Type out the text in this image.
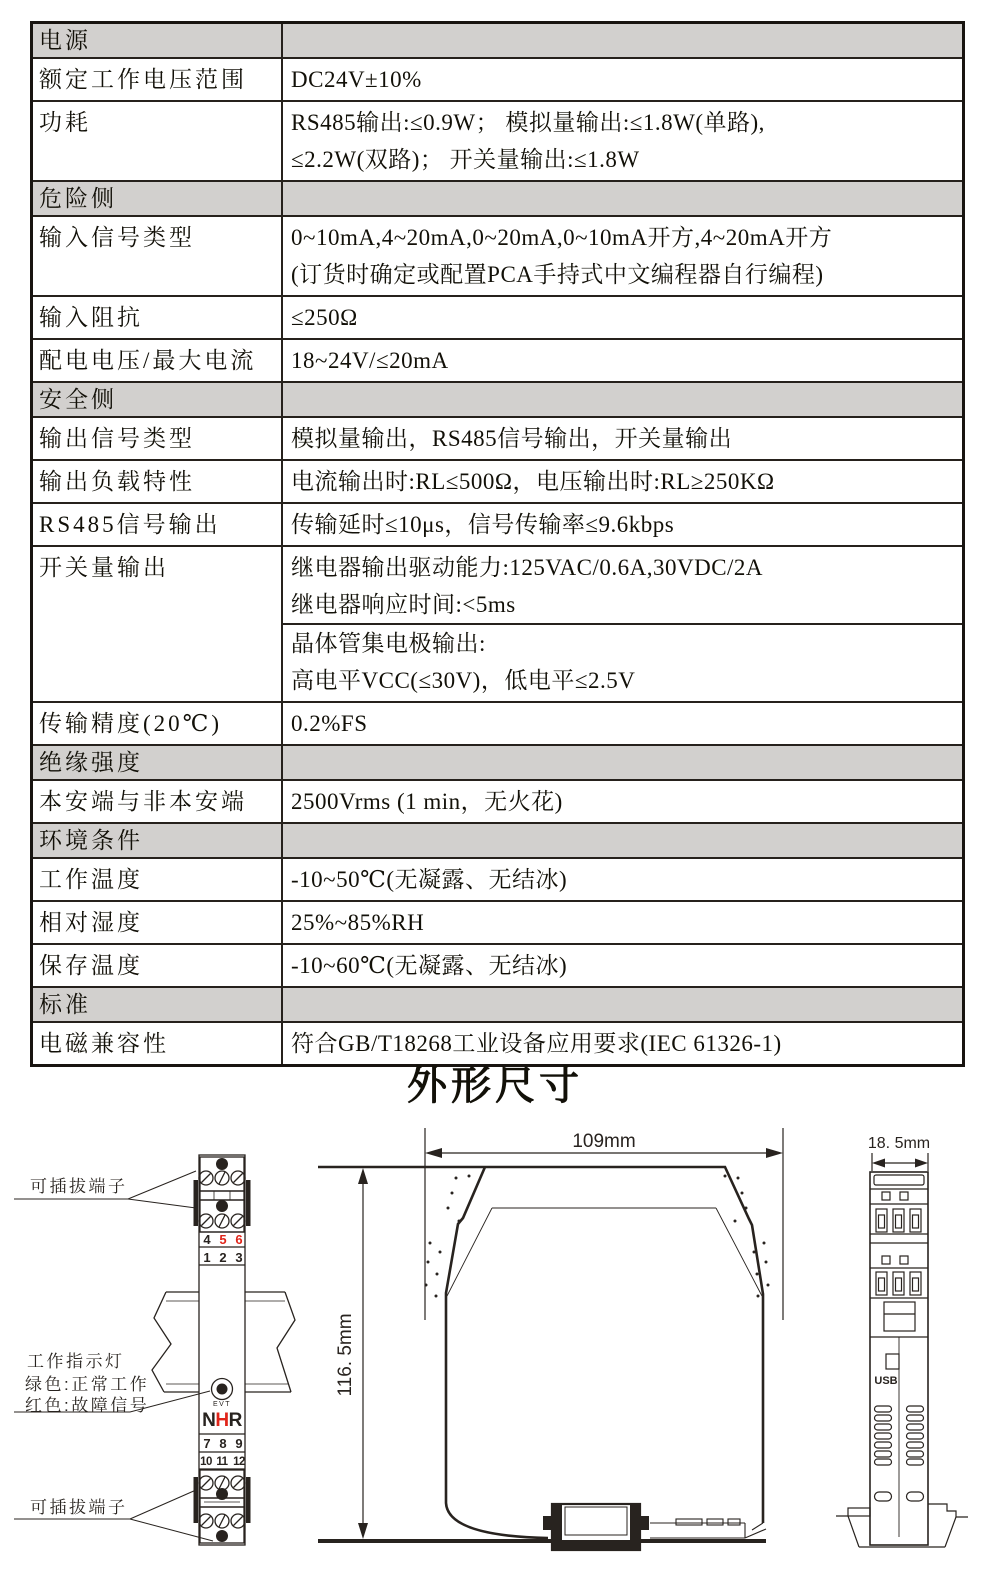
电源
额定工作电压范围	DC24V±10%
功耗	RS485输出:≤0.9W； 模拟量输出:≤1.8W(单路),
≤2.2W(双路)； 开关量输出:≤1.8W
危险侧
输入信号类型	0~10mA,4~20mA,0~20mA,0~10mA开方,4~20mA开方
(订货时确定或配置PCA手持式中文编程器自行编程)
输入阻抗	≤250Ω
配电电压/最大电流	18~24V/≤20mA
安全侧
输出信号类型	模拟量输出，RS485信号输出，开关量输出
输出负载特性	电流输出时:RL≤500Ω，电压输出时:RL≥250KΩ
RS485信号输出	传输延时≤10μs，信号传输率≤9.6kbps
开关量输出	继电器输出驱动能力:125VAC/0.6A,30VDC/2A
继电器响应时间:<5ms
晶体管集电极输出:
高电平VCC(≤30V)，低电平≤2.5V
传输精度(20℃)	0.2%FS
绝缘强度
本安端与非本安端	2500Vrms (1 min，无火花)
环境条件
工作温度	-10~50℃(无凝露、无结冰)
相对湿度	25%~85%RH
保存温度	-10~60℃(无凝露、无结冰)
标准
电磁兼容性	符合GB/T18268工业设备应用要求(IEC 61326-1)
外形尺寸
4 5 6
1 2 3
7 8 9
10 11 12
EVT
NHR
可插拔端子
工作指示灯
绿色:正常工作
红色:故障信号
可插拔端子
109mm
116. 5mm
18. 5mm
USB
